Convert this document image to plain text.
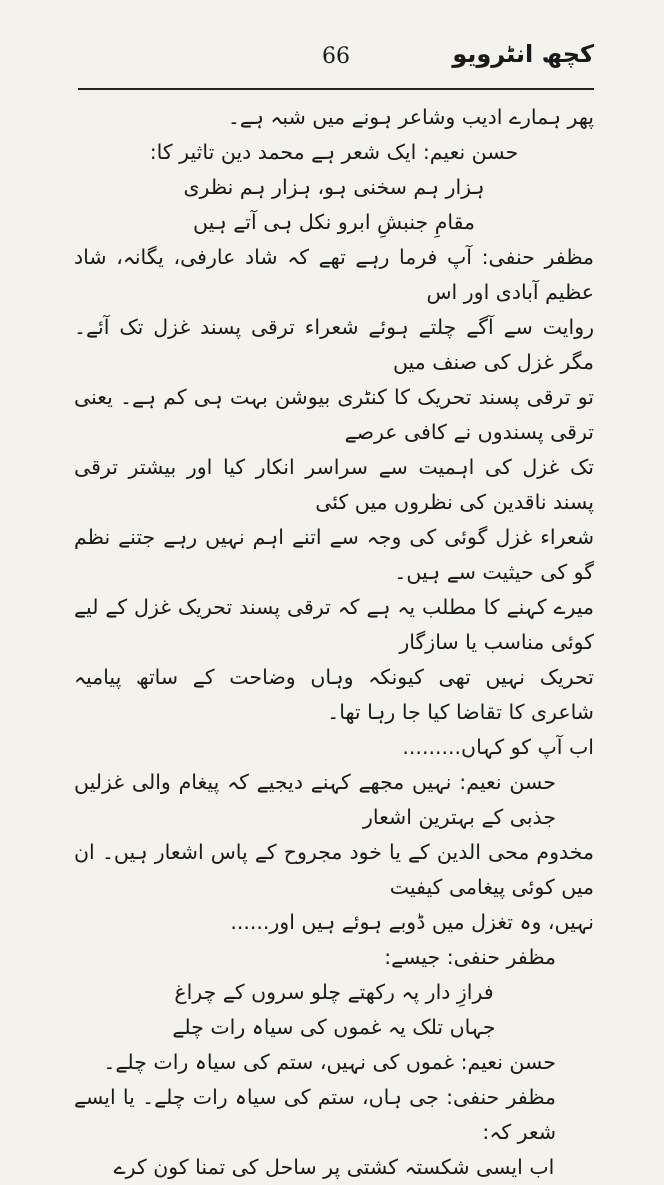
کچھ انٹرویو
66

پھر ہمارے ادیب وشاعر ہونے میں شبہ ہے۔

حسن نعیم: ایک شعر ہے محمد دین تاثیر کا:

ہزار ہم سخنی ہو، ہزار ہم نظری

مقامِ جنبشِ ابرو نکل ہی آتے ہیں

مظفر حنفی: آپ فرما رہے تھے کہ شاد عارفی، یگانہ، شاد عظیم آبادی اور اس

روایت سے آگے چلتے ہوئے شعراء ترقی پسند غزل تک آئے۔ مگر غزل کی صنف میں

تو ترقی پسند تحریک کا کنٹری بیوشن بہت ہی کم ہے۔ یعنی ترقی پسندوں نے کافی عرصے

تک غزل کی اہمیت سے سراسر انکار کیا اور بیشتر ترقی پسند ناقدین کی نظروں میں کئی

شعراء غزل گوئی کی وجہ سے اتنے اہم نہیں رہے جتنے نظم گو کی حیثیت سے ہیں۔

میرے کہنے کا مطلب یہ ہے کہ ترقی پسند تحریک غزل کے لیے کوئی مناسب یا سازگار

تحریک نہیں تھی کیونکہ وہاں وضاحت کے ساتھ پیامیہ شاعری کا تقاضا کیا جا رہا تھا۔

اب آپ کو کہاں.........

حسن نعیم: نہیں مجھے کہنے دیجیے کہ پیغام والی غزلیں جذبی کے بہترین اشعار

مخدوم محی الدین کے یا خود مجروح کے پاس اشعار ہیں۔ ان میں کوئی پیغامی کیفیت

نہیں، وہ تغزل میں ڈوبے ہوئے ہیں اور......

مظفر حنفی: جیسے:

فرازِ دار پہ رکھتے چلو سروں کے چراغ

جہاں تلک یہ غموں کی سیاہ رات چلے

حسن نعیم: غموں کی نہیں، ستم کی سیاہ رات چلے۔

مظفر حنفی: جی ہاں، ستم کی سیاہ رات چلے۔ یا ایسے شعر کہ:

اب ایسی شکستہ کشتی پر ساحل کی تمنا کون کرے
